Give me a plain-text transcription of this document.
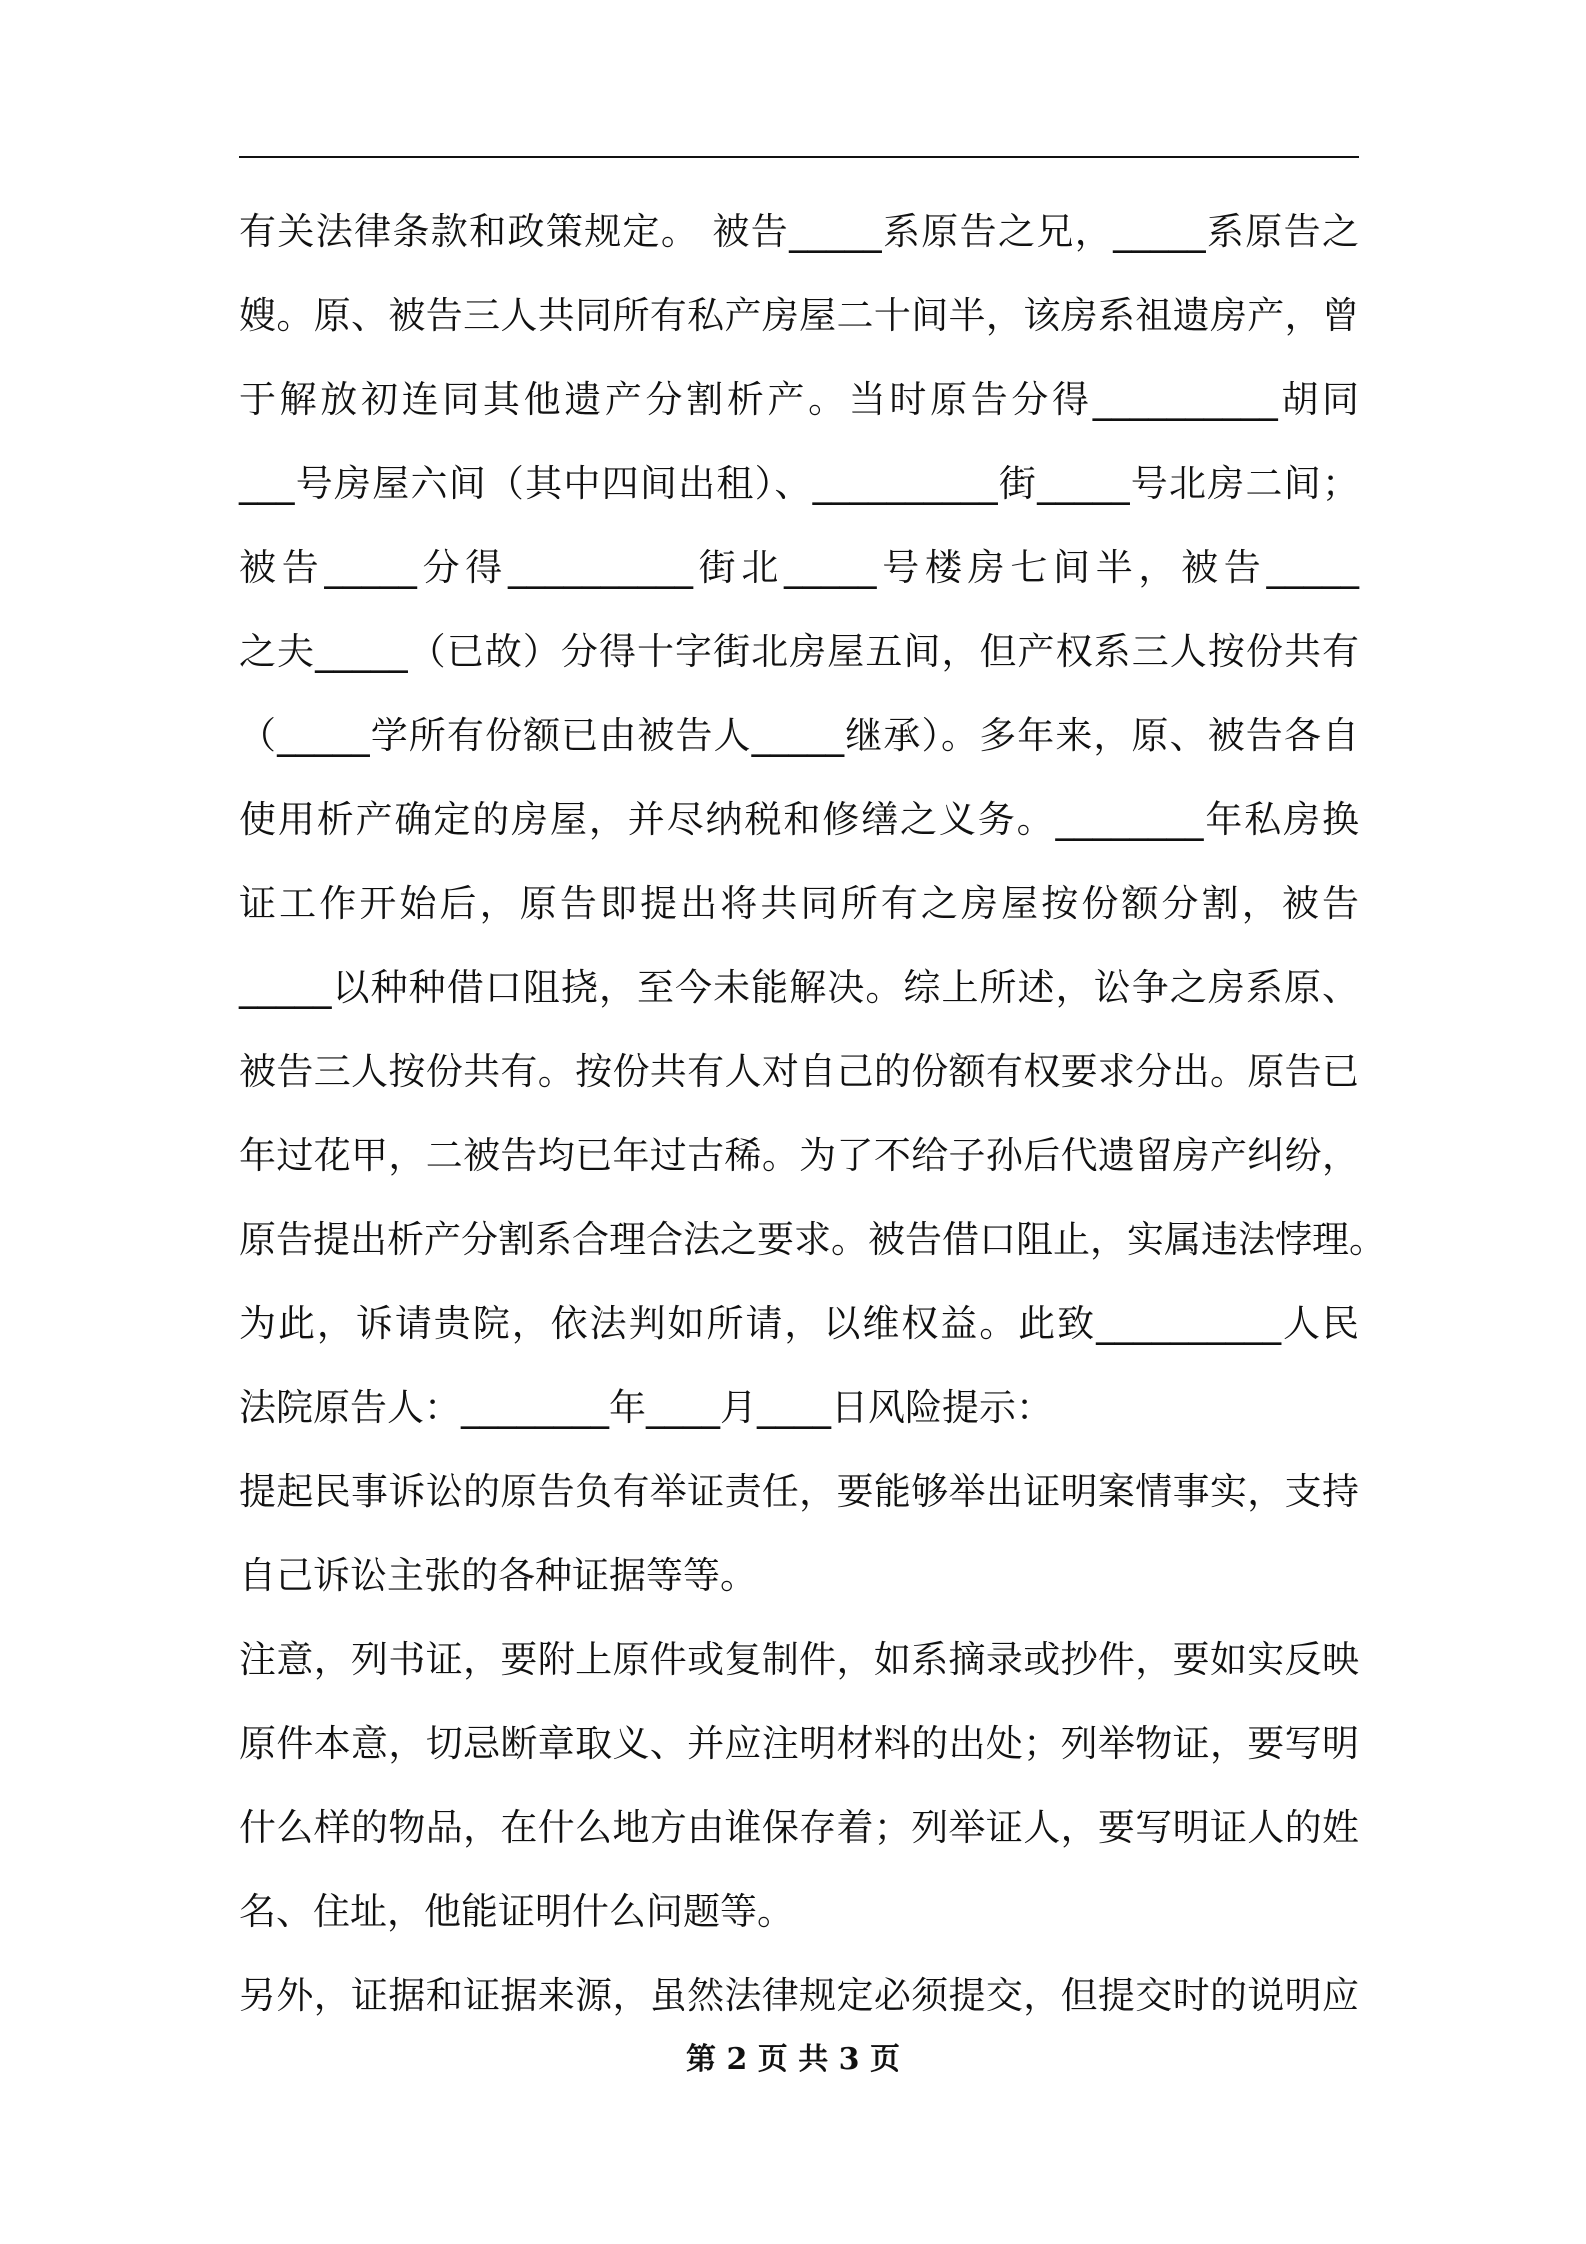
有关法律条款和政策规定。 被告_____系原告之兄，_____系原告之
嫂。原、被告三人共同所有私产房屋二十间半，该房系祖遗房产，曾
于解放初连同其他遗产分割析产。当时原告分得__________胡同
___号房屋六间（其中四间出租）、__________街_____号北房二间；
被告_____分得__________街北_____号楼房七间半，被告_____
之夫_____（已故）分得十字街北房屋五间，但产权系三人按份共有
（_____学所有份额已由被告人_____继承）。多年来，原、被告各自
使用析产确定的房屋，并尽纳税和修缮之义务。________年私房换
证工作开始后，原告即提出将共同所有之房屋按份额分割，被告
_____以种种借口阻挠，至今未能解决。综上所述，讼争之房系原、
被告三人按份共有。按份共有人对自己的份额有权要求分出。原告已
年过花甲，二被告均已年过古稀。为了不给子孙后代遗留房产纠纷，
原告提出析产分割系合理合法之要求。被告借口阻止，实属违法悖理。
为此，诉请贵院，依法判如所请，以维权益。此致__________人民
法院原告人：________年____月____日风险提示：
提起民事诉讼的原告负有举证责任，要能够举出证明案情事实，支持
自己诉讼主张的各种证据等等。
注意，列书证，要附上原件或复制件，如系摘录或抄件，要如实反映
原件本意，切忌断章取义、并应注明材料的出处；列举物证，要写明
什么样的物品，在什么地方由谁保存着；列举证人，要写明证人的姓
名、住址，他能证明什么问题等。
另外，证据和证据来源，虽然法律规定必须提交，但提交时的说明应
第 2 页 共 3 页
